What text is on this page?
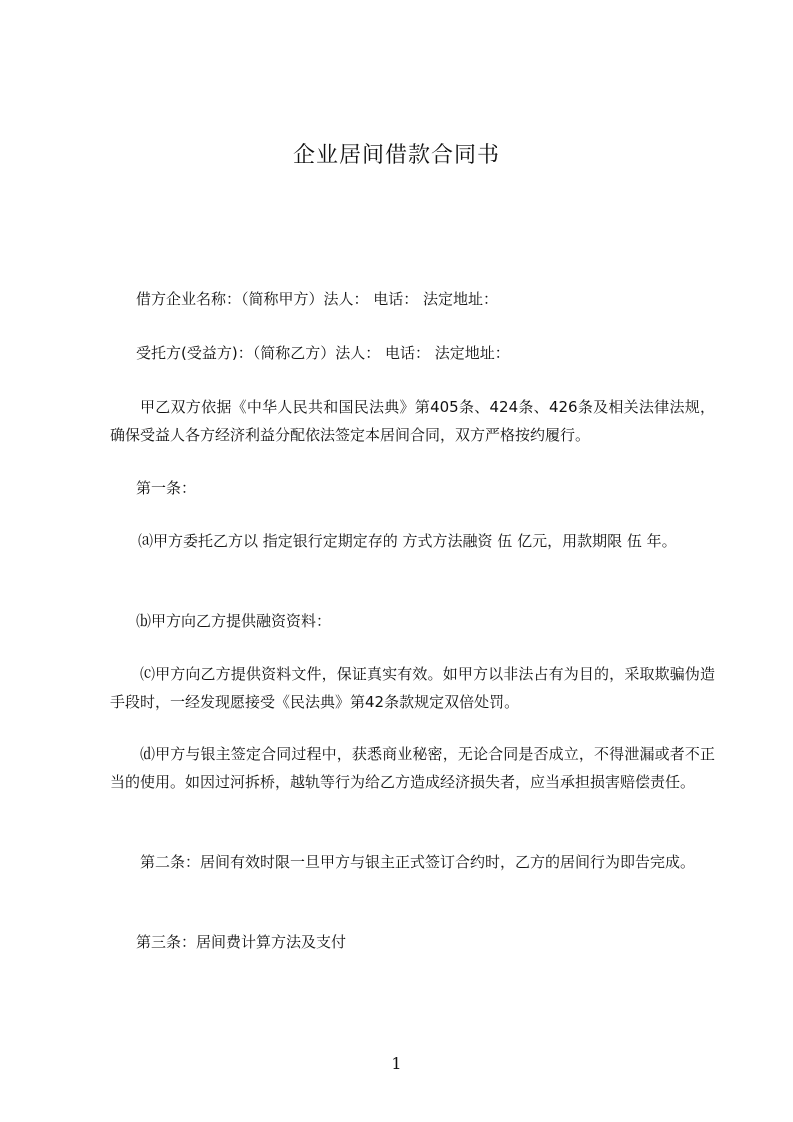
企业居间借款合同书

借方企业名称：（简称甲方）法人： 电话： 法定地址：

受托方(受益方)：（简称乙方）法人： 电话： 法定地址：

甲乙双方依据《中华人民共和国民法典》第405条、424条、426条及相关法律法规，确保受益人各方经济利益分配依法签定本居间合同，双方严格按约履行。

第一条：

⒜甲方委托乙方以 指定银行定期定存的 方式方法融资 伍 亿元，用款期限 伍 年。

⒝甲方向乙方提供融资资料：

⒞甲方向乙方提供资料文件，保证真实有效。如甲方以非法占有为目的，采取欺骗伪造手段时，一经发现愿接受《民法典》第42条款规定双倍处罚。

⒟甲方与银主签定合同过程中，获悉商业秘密，无论合同是否成立，不得泄漏或者不正当的使用。如因过河拆桥，越轨等行为给乙方造成经济损失者，应当承担损害赔偿责任。

第二条：居间有效时限一旦甲方与银主正式签订合约时，乙方的居间行为即告完成。

第三条：居间费计算方法及支付

1
